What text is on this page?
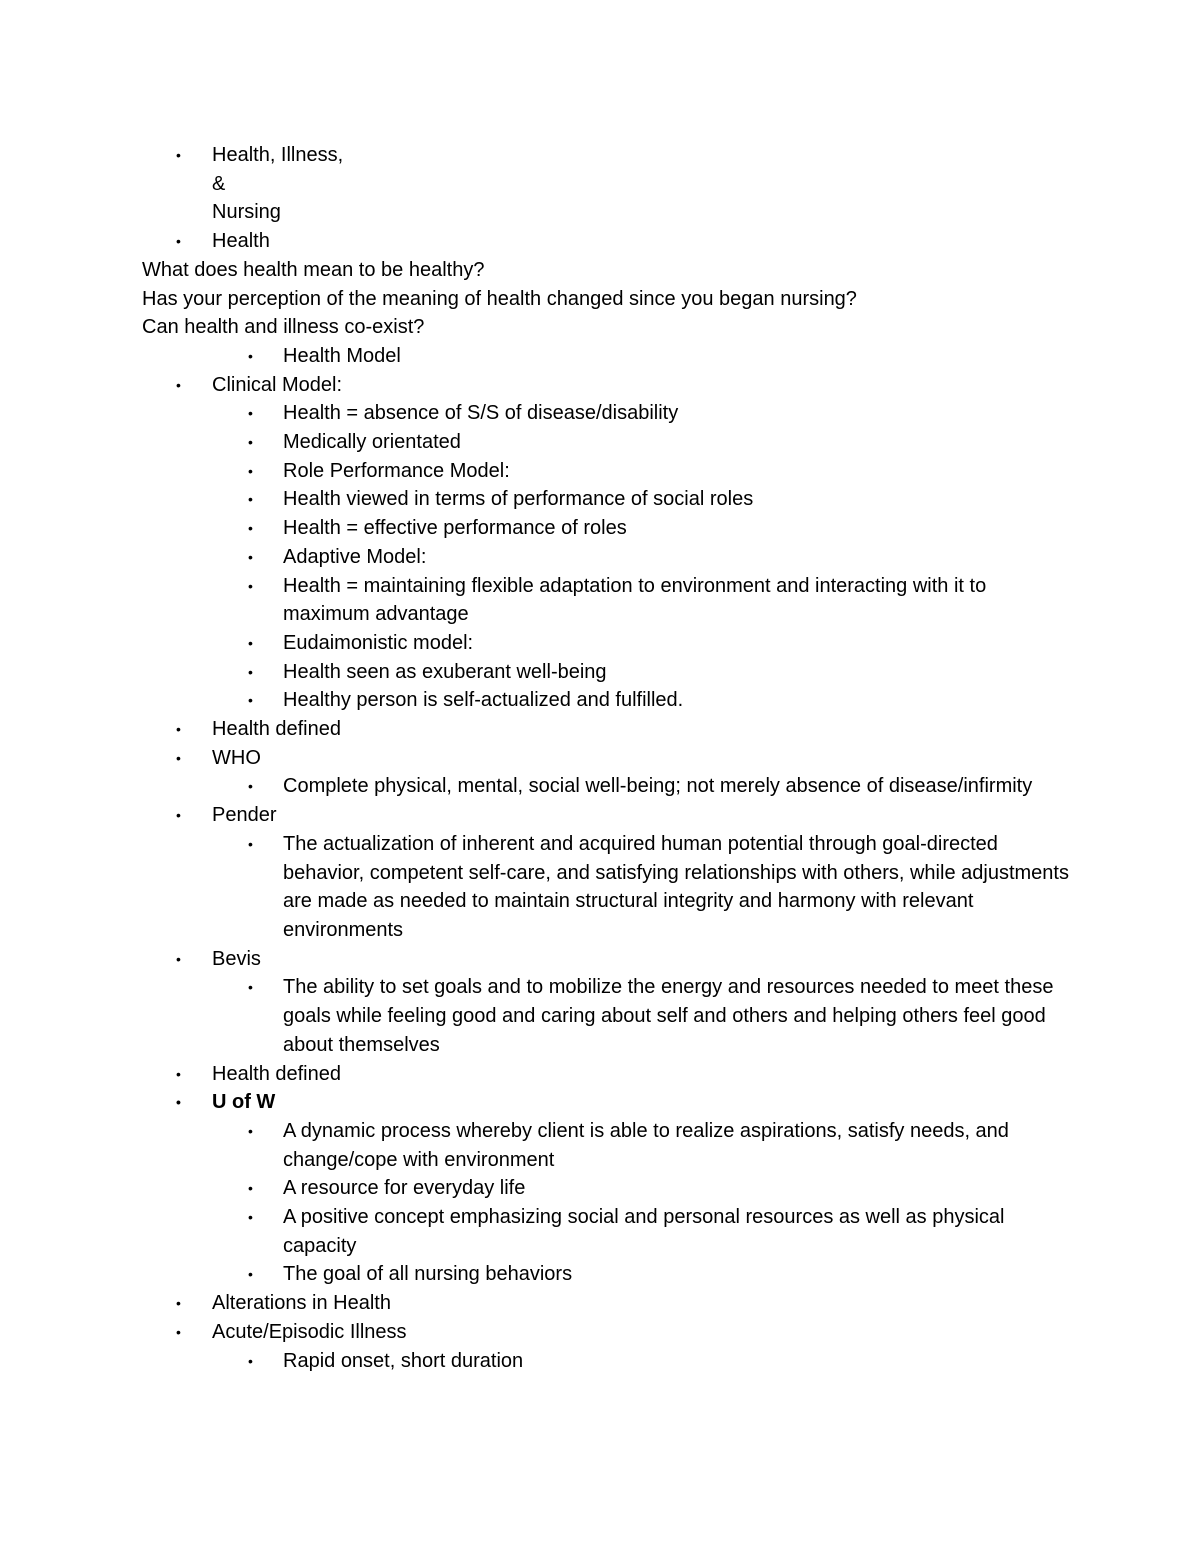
• Health, Illness,

&

Nursing

• Health

What does health mean to be healthy?

Has your perception of the meaning of health changed since you began nursing?

Can health and illness co-exist?

• Health Model

• Clinical Model:

• Health = absence of S/S of disease/disability

• Medically orientated

• Role Performance Model:

• Health viewed in terms of performance of social roles

• Health = effective performance of roles

• Adaptive Model:

• Health = maintaining flexible adaptation to environment and interacting with it to maximum advantage

• Eudaimonistic model:

• Health seen as exuberant well-being

• Healthy person is self-actualized and fulfilled.

• Health defined

• WHO

• Complete physical, mental, social well-being; not merely absence of disease/infirmity

• Pender

• The actualization of inherent and acquired human potential through goal-directed behavior, competent self-care, and satisfying relationships with others, while adjustments are made as needed to maintain structural integrity and harmony with relevant environments

• Bevis

• The ability to set goals and to mobilize the energy and resources needed to meet these goals while feeling good and caring about self and others and helping others feel good about themselves

• Health defined

• U of W

• A dynamic process whereby client is able to realize aspirations, satisfy needs, and change/cope with environment

• A resource for everyday life

• A positive concept emphasizing social and personal resources as well as physical capacity

• The goal of all nursing behaviors

• Alterations in Health

• Acute/Episodic Illness

• Rapid onset, short duration
